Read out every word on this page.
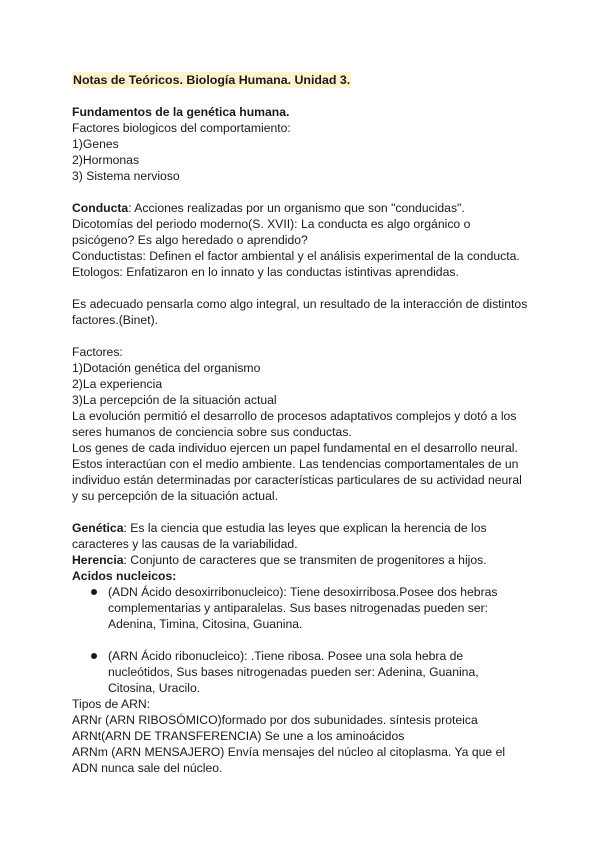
Notas de Teóricos. Biología Humana. Unidad 3.
Fundamentos de la genética humana.
Factores biologicos del comportamiento:
1)Genes
2)Hormonas
3) Sistema nervioso
Conducta: Acciones realizadas por un organismo que son "conducidas".
Dicotomías del periodo moderno(S. XVII): La conducta es algo orgánico o
psicógeno? Es algo heredado o aprendido?
Conductistas: Definen el factor ambiental y el análisis experimental de la conducta.
Etologos: Enfatizaron en lo innato y las conductas istintivas aprendidas.
Es adecuado pensarla como algo integral, un resultado de la interacción de distintos
factores.(Binet).
Factores:
1)Dotación genética del organismo
2)La experiencia
3)La percepción de la situación actual
La evolución permitió el desarrollo de procesos adaptativos complejos y dotó a los
seres humanos de conciencia sobre sus conductas.
Los genes de cada individuo ejercen un papel fundamental en el desarrollo neural.
Estos interactúan con el medio ambiente. Las tendencias comportamentales de un
individuo están determinadas por características particulares de su actividad neural
y su percepción de la situación actual.
Genética: Es la ciencia que estudia las leyes que explican la herencia de los
caracteres y las causas de la variabilidad.
Herencia: Conjunto de caracteres que se transmiten de progenitores a hijos.
Acidos nucleicos:
(ADN Ácido desoxirribonucleico): Tiene desoxirribosa.Posee dos hebras
complementarias y antiparalelas. Sus bases nitrogenadas pueden ser:
Adenina, Timina, Citosina, Guanina.
(ARN Ácido ribonucleico): .Tiene ribosa. Posee una sola hebra de
nucleótidos, Sus bases nitrogenadas pueden ser: Adenina, Guanina,
Citosina, Uracilo.
Tipos de ARN:
ARNr (ARN RIBOSÓMICO)formado por dos subunidades. síntesis proteica
ARNt(ARN DE TRANSFERENCIA) Se une a los aminoácidos
ARNm (ARN MENSAJERO) Envía mensajes del núcleo al citoplasma. Ya que el
ADN nunca sale del núcleo.
